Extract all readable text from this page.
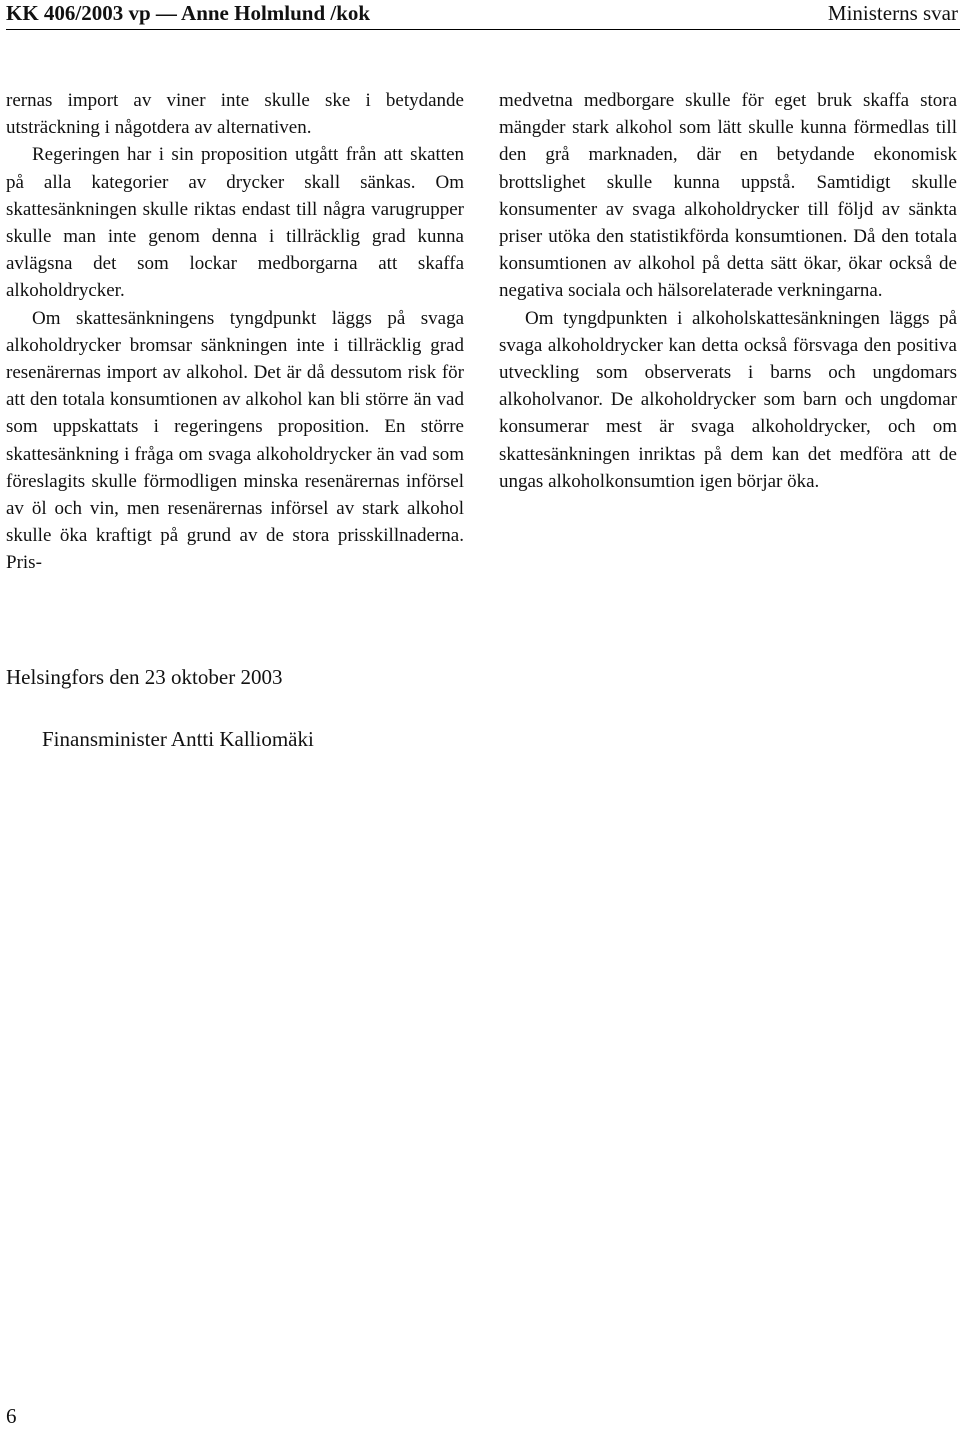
KK 406/2003 vp — Anne Holmlund /kok	Ministerns svar

rernas import av viner inte skulle ske i betydande utsträckning i någotdera av alternativen.

Regeringen har i sin proposition utgått från att skatten på alla kategorier av drycker skall sänkas. Om skattesänkningen skulle riktas endast till några varugrupper skulle man inte genom denna i tillräcklig grad kunna avlägsna det som lockar medborgarna att skaffa alkoholdrycker.

Om skattesänkningens tyngdpunkt läggs på svaga alkoholdrycker bromsar sänkningen inte i tillräcklig grad resenärernas import av alkohol. Det är då dessutom risk för att den totala konsumtionen av alkohol kan bli större än vad som uppskattats i regeringens proposition. En större skattesänkning i fråga om svaga alkoholdrycker än vad som föreslagits skulle förmodligen minska resenärernas införsel av öl och vin, men resenärernas införsel av stark alkohol skulle öka kraftigt på grund av de stora prisskillnaderna. Pris-

medvetna medborgare skulle för eget bruk skaffa stora mängder stark alkohol som lätt skulle kunna förmedlas till den grå marknaden, där en betydande ekonomisk brottslighet skulle kunna uppstå. Samtidigt skulle konsumenter av svaga alkoholdrycker till följd av sänkta priser utöka den statistikförda konsumtionen. Då den totala konsumtionen av alkohol på detta sätt ökar, ökar också de negativa sociala och hälsorelaterade verkningarna.

Om tyngdpunkten i alkoholskattesänkningen läggs på svaga alkoholdrycker kan detta också försvaga den positiva utveckling som observerats i barns och ungdomars alkoholvanor. De alkoholdrycker som barn och ungdomar konsumerar mest är svaga alkoholdrycker, och om skattesänkningen inriktas på dem kan det medföra att de ungas alkoholkonsumtion igen börjar öka.

Helsingfors den 23 oktober 2003
Finansminister Antti Kalliomäki
6
